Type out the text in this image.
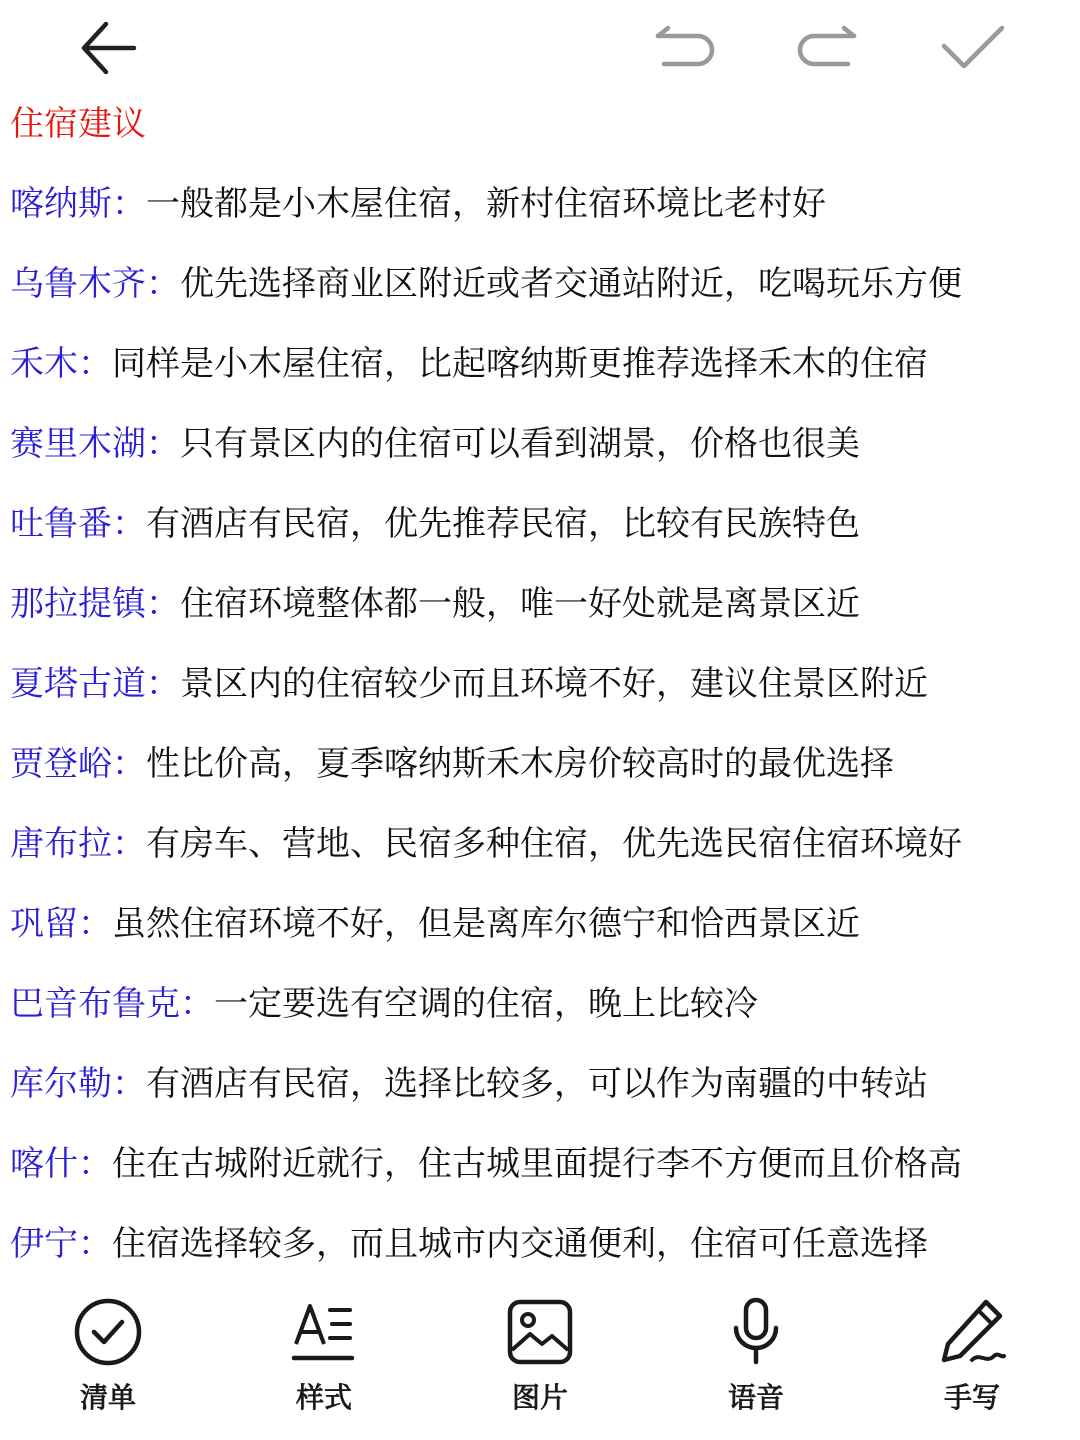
住宿建议
喀纳斯：一般都是小木屋住宿，新村住宿环境比老村好
乌鲁木齐：优先选择商业区附近或者交通站附近，吃喝玩乐方便
禾木：同样是小木屋住宿，比起喀纳斯更推荐选择禾木的住宿
赛里木湖：只有景区内的住宿可以看到湖景，价格也很美
吐鲁番：有酒店有民宿，优先推荐民宿，比较有民族特色
那拉提镇：住宿环境整体都一般，唯一好处就是离景区近
夏塔古道：景区内的住宿较少而且环境不好，建议住景区附近
贾登峪：性比价高，夏季喀纳斯禾木房价较高时的最优选择
唐布拉：有房车、营地、民宿多种住宿，优先选民宿住宿环境好
巩留：虽然住宿环境不好，但是离库尔德宁和恰西景区近
巴音布鲁克：一定要选有空调的住宿，晚上比较冷
库尔勒：有酒店有民宿，选择比较多，可以作为南疆的中转站
喀什：住在古城附近就行，住古城里面提行李不方便而且价格高
伊宁：住宿选择较多，而且城市内交通便利，住宿可任意选择
清单	样式	图片	语音	手写
